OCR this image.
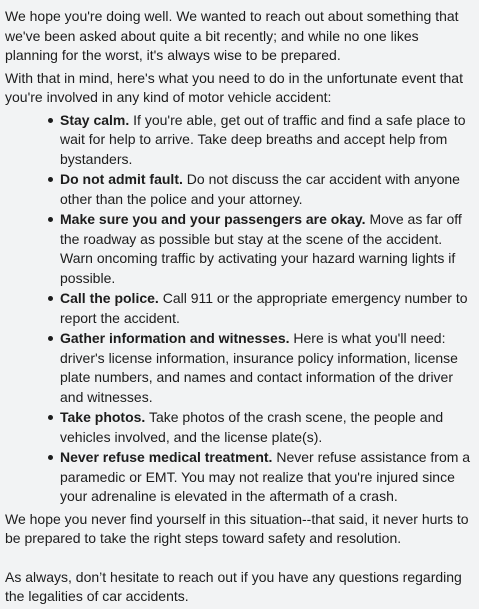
We hope you're doing well. We wanted to reach out about something that we've been asked about quite a bit recently; and while no one likes planning for the worst, it's always wise to be prepared.

With that in mind, here's what you need to do in the unfortunate event that you're involved in any kind of motor vehicle accident:

Stay calm. If you're able, get out of traffic and find a safe place to wait for help to arrive. Take deep breaths and accept help from bystanders.
Do not admit fault. Do not discuss the car accident with anyone other than the police and your attorney.
Make sure you and your passengers are okay. Move as far off the roadway as possible but stay at the scene of the accident. Warn oncoming traffic by activating your hazard warning lights if possible.
Call the police. Call 911 or the appropriate emergency number to report the accident.
Gather information and witnesses. Here is what you'll need: driver's license information, insurance policy information, license plate numbers, and names and contact information of the driver and witnesses.
Take photos. Take photos of the crash scene, the people and vehicles involved, and the license plate(s).
Never refuse medical treatment. Never refuse assistance from a paramedic or EMT. You may not realize that you're injured since your adrenaline is elevated in the aftermath of a crash.

We hope you never find yourself in this situation--that said, it never hurts to be prepared to take the right steps toward safety and resolution.

As always, don’t hesitate to reach out if you have any questions regarding the legalities of car accidents.
